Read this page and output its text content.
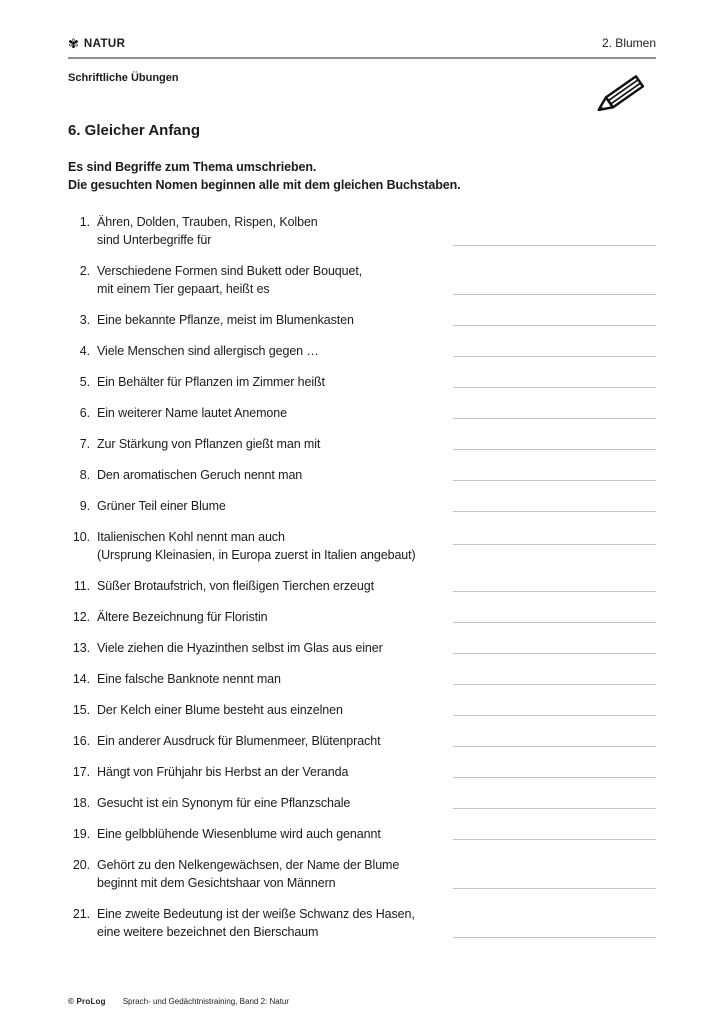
✾ NATUR	2. Blumen
Schriftliche Übungen
6. Gleicher Anfang
Es sind Begriffe zum Thema umschrieben.
Die gesuchten Nomen beginnen alle mit dem gleichen Buchstaben.
1. Ähren, Dolden, Trauben, Rispen, Kolben
sind Unterbegriffe für
2. Verschiedene Formen sind Bukett oder Bouquet,
mit einem Tier gepaart, heißt es
3. Eine bekannte Pflanze, meist im Blumenkasten
4. Viele Menschen sind allergisch gegen …
5. Ein Behälter für Pflanzen im Zimmer heißt
6. Ein weiterer Name lautet Anemone
7. Zur Stärkung von Pflanzen gießt man mit
8. Den aromatischen Geruch nennt man
9. Grüner Teil einer Blume
10. Italienischen Kohl nennt man auch
(Ursprung Kleinasien, in Europa zuerst in Italien angebaut)
11. Süßer Brotaufstrich, von fleißigen Tierchen erzeugt
12. Ältere Bezeichnung für Floristin
13. Viele ziehen die Hyazinthen selbst im Glas aus einer
14. Eine falsche Banknote nennt man
15. Der Kelch einer Blume besteht aus einzelnen
16. Ein anderer Ausdruck für Blumenmeer, Blütenpracht
17. Hängt von Frühjahr bis Herbst an der Veranda
18. Gesucht ist ein Synonym für eine Pflanzschale
19. Eine gelbblühende Wiesenblume wird auch genannt
20. Gehört zu den Nelkengewächsen, der Name der Blume
beginnt mit dem Gesichtshaar von Männern
21. Eine zweite Bedeutung ist der weiße Schwanz des Hasen,
eine weitere bezeichnet den Bierschaum
© ProLog Sprach- und Gedächtnistraining, Band 2: Natur
